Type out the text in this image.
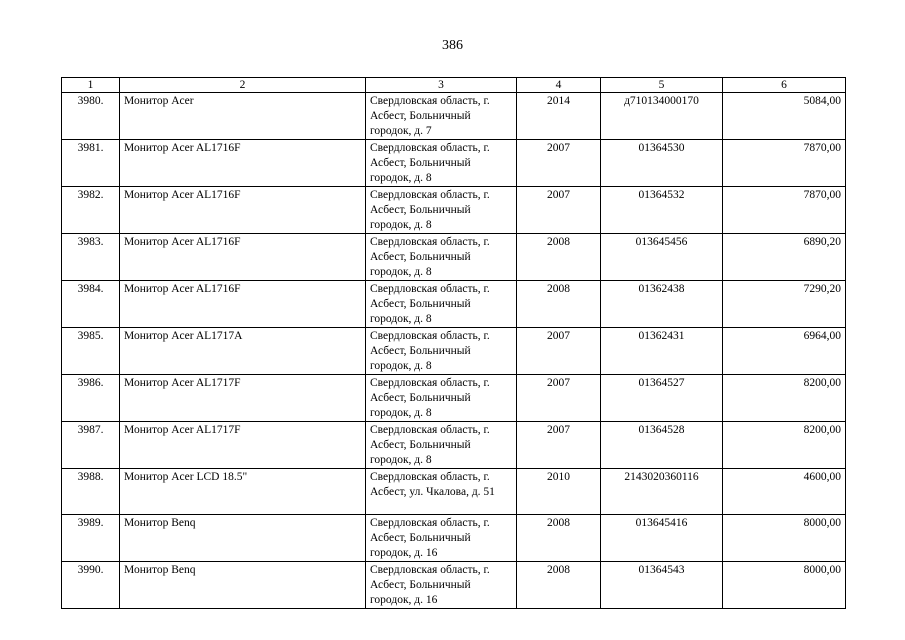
386
1	2	3	4	5	6
3980.	Монитор Acer	Свердловская область, г. Асбест, Больничный городок, д. 7	2014	д710134000170	5084,00
3981.	Монитор Acer AL1716F	Свердловская область, г. Асбест, Больничный городок, д. 8	2007	01364530	7870,00
3982.	Монитор Acer AL1716F	Свердловская область, г. Асбест, Больничный городок, д. 8	2007	01364532	7870,00
3983.	Монитор Acer AL1716F	Свердловская область, г. Асбест, Больничный городок, д. 8	2008	013645456	6890,20
3984.	Монитор Acer AL1716F	Свердловская область, г. Асбест, Больничный городок, д. 8	2008	01362438	7290,20
3985.	Монитор Acer AL1717A	Свердловская область, г. Асбест, Больничный городок, д. 8	2007	01362431	6964,00
3986.	Монитор Acer AL1717F	Свердловская область, г. Асбест, Больничный городок, д. 8	2007	01364527	8200,00
3987.	Монитор Acer AL1717F	Свердловская область, г. Асбест, Больничный городок, д. 8	2007	01364528	8200,00
3988.	Монитор Acer LCD 18.5"	Свердловская область, г. Асбест, ул. Чкалова, д. 51	2010	2143020360116	4600,00
3989.	Монитор Benq	Свердловская область, г. Асбест, Больничный городок, д. 16	2008	013645416	8000,00
3990.	Монитор Benq	Свердловская область, г. Асбест, Больничный городок, д. 16	2008	01364543	8000,00
